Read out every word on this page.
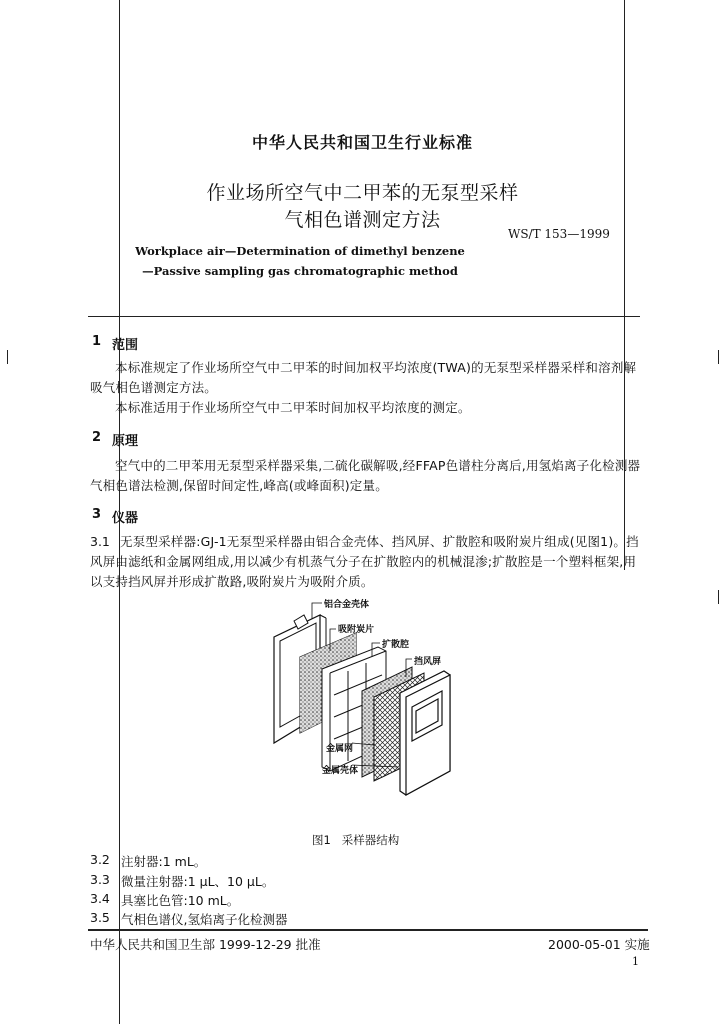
中华人民共和国卫生行业标准
作业场所空气中二甲苯的无泵型采样
气相色谱测定方法
WS/T 153—1999
Workplace air—Determination of dimethyl benzene
—Passive sampling gas chromatographic method
1 范围
本标准规定了作业场所空气中二甲苯的时间加权平均浓度(TWA)的无泵型采样器采样和溶剂解吸气相色谱测定方法。
本标准适用于作业场所空气中二甲苯时间加权平均浓度的测定。
2 原理
空气中的二甲苯用无泵型采样器采集,二硫化碳解吸,经FFAP色谱柱分离后,用氢焰离子化检测器气相色谱法检测,保留时间定性,峰高(或峰面积)定量。
3 仪器
3.1 无泵型采样器:GJ-1无泵型采样器由铝合金壳体、挡风屏、扩散腔和吸附炭片组成(见图1)。挡风屏由滤纸和金属网组成,用以减少有机蒸气分子在扩散腔内的机械混渗;扩散腔是一个塑料框架,用以支持挡风屏并形成扩散路,吸附炭片为吸附介质。
铝合金壳体
吸附炭片
扩散腔
挡风屏
金属网
金属壳体
图1   采样器结构
3.2 注射器:1 mL。
3.3 微量注射器:1 μL、10 μL。
3.4 具塞比色管:10 mL。
3.5 气相色谱仪,氢焰离子化检测器
中华人民共和国卫生部 1999-12-29 批准	2000-05-01 实施
1
